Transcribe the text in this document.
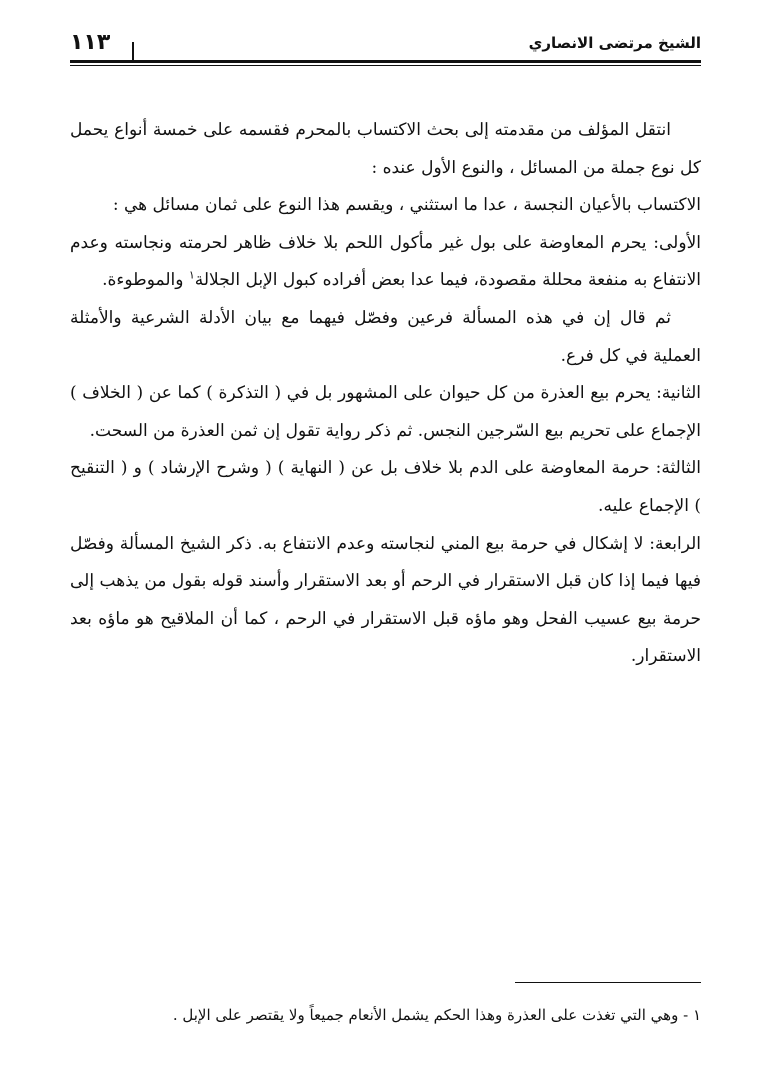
الشيخ مرتضى الانصاري
١١٣

انتقل المؤلف من مقدمته إلى بحث الاكتساب بالمحرم فقسمه على خمسة أنواع يحمل كل نوع جملة من المسائل ، والنوع الأول عنده :

الاكتساب بالأعيان النجسة ، عدا ما استثني ، ويقسم هذا النوع على ثمان مسائل هي :

الأولى: يحرم المعاوضة على بول غير مأكول اللحم بلا خلاف ظاهر لحرمته ونجاسته وعدم الانتفاع به منفعة محللة مقصودة، فيما عدا بعض أفراده كبول الإبل الجلالة$^١$ والموطوءة.

ثم قال إن في هذه المسألة فرعين وفصّل فيهما مع بيان الأدلة الشرعية والأمثلة العملية في كل فرع.

الثانية: يحرم بيع العذرة من كل حيوان على المشهور بل في ( التذكرة ) كما عن ( الخلاف ) الإجماع على تحريم بيع السّرجين النجس. ثم ذكر رواية تقول إن ثمن العذرة من السحت.

الثالثة: حرمة المعاوضة على الدم بلا خلاف بل عن ( النهاية ) ( وشرح الإرشاد ) و ( التنقيح ) الإجماع عليه.

الرابعة: لا إشكال في حرمة بيع المني لنجاسته وعدم الانتفاع به. ذكر الشيخ المسألة وفصّل فيها فيما إذا كان قبل الاستقرار في الرحم أو بعد الاستقرار وأسند قوله بقول من يذهب إلى حرمة بيع عسيب الفحل وهو ماؤه قبل الاستقرار في الرحم ، كما أن الملاقيح هو ماؤه بعد الاستقرار.

١ - وهي التي تغذت على العذرة وهذا الحكم يشمل الأنعام جميعاً ولا يقتصر على الإبل .
